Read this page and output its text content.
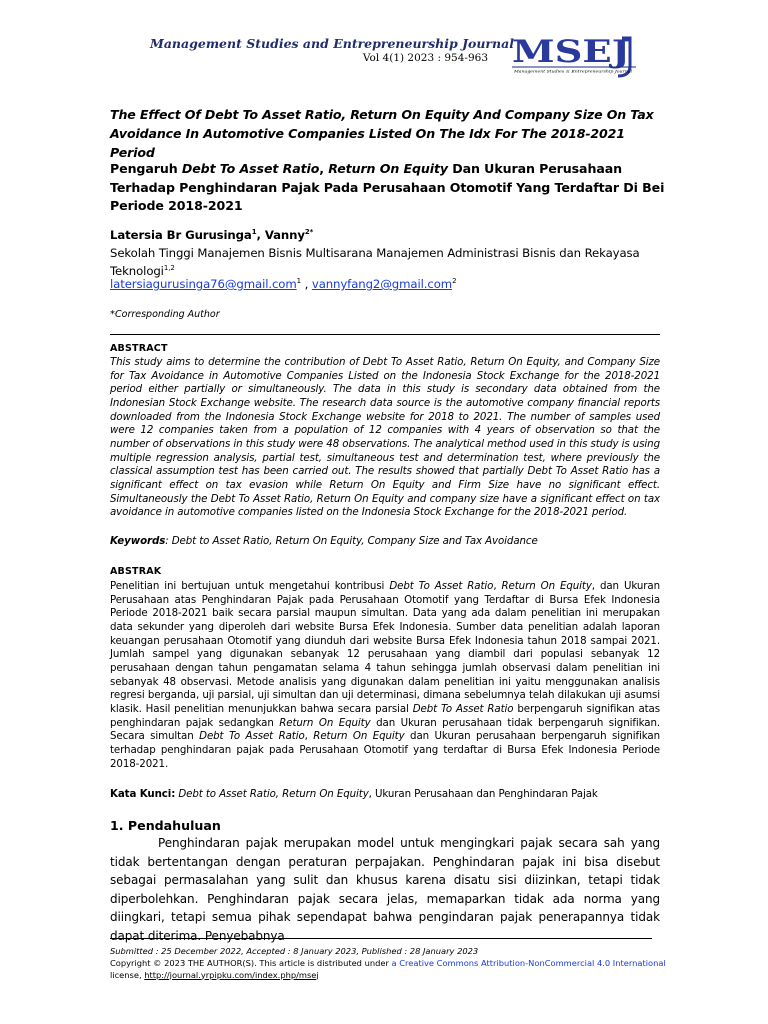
Management Studies and Entrepreneurship Journal
Vol 4(1) 2023 : 954-963 MSEJ
Management Studies & Entrepreneurship Journal
The Effect Of Debt To Asset Ratio, Return On Equity And Company Size On Tax Avoidance In Automotive Companies Listed On The Idx For The 2018-2021 Period
Pengaruh Debt To Asset Ratio, Return On Equity Dan Ukuran Perusahaan Terhadap Penghindaran Pajak Pada Perusahaan Otomotif Yang Terdaftar Di Bei Periode 2018-2021
Latersia Br Gurusinga$^1$, Vanny$^{2*}$
Sekolah Tinggi Manajemen Bisnis Multisarana Manajemen Administrasi Bisnis dan Rekayasa Teknologi$^{1,2}$
latersiagurusinga76@gmail.com$^1$ , vannyfang2@gmail.com$^2$
*Corresponding Author
ABSTRACT
This study aims to determine the contribution of Debt To Asset Ratio, Return On Equity, and Company Size for Tax Avoidance in Automotive Companies Listed on the Indonesia Stock Exchange for the 2018-2021 period either partially or simultaneously. The data in this study is secondary data obtained from the Indonesian Stock Exchange website. The research data source is the automotive company financial reports downloaded from the Indonesia Stock Exchange website for 2018 to 2021. The number of samples used were 12 companies taken from a population of 12 companies with 4 years of observation so that the number of observations in this study were 48 observations. The analytical method used in this study is using multiple regression analysis, partial test, simultaneous test and determination test, where previously the classical assumption test has been carried out. The results showed that partially Debt To Asset Ratio has a significant effect on tax evasion while Return On Equity and Firm Size have no significant effect. Simultaneously the Debt To Asset Ratio, Return On Equity and company size have a significant effect on tax avoidance in automotive companies listed on the Indonesia Stock Exchange for the 2018-2021 period.
Keywords: Debt to Asset Ratio, Return On Equity, Company Size and Tax Avoidance
ABSTRAK
Penelitian ini bertujuan untuk mengetahui kontribusi Debt To Asset Ratio, Return On Equity, dan Ukuran Perusahaan atas Penghindaran Pajak pada Perusahaan Otomotif yang Terdaftar di Bursa Efek Indonesia Periode 2018-2021 baik secara parsial maupun simultan. Data yang ada dalam penelitian ini merupakan data sekunder yang diperoleh dari website Bursa Efek Indonesia. Sumber data penelitian adalah laporan keuangan perusahaan Otomotif yang diunduh dari website Bursa Efek Indonesia tahun 2018 sampai 2021. Jumlah sampel yang digunakan sebanyak 12 perusahaan yang diambil dari populasi sebanyak 12 perusahaan dengan tahun pengamatan selama 4 tahun sehingga jumlah observasi dalam penelitian ini sebanyak 48 observasi. Metode analisis yang digunakan dalam penelitian ini yaitu menggunakan analisis regresi berganda, uji parsial, uji simultan dan uji determinasi, dimana sebelumnya telah dilakukan uji asumsi klasik. Hasil penelitian menunjukkan bahwa secara parsial Debt To Asset Ratio berpengaruh signifikan atas penghindaran pajak sedangkan Return On Equity dan Ukuran perusahaan tidak berpengaruh signifikan. Secara simultan Debt To Asset Ratio, Return On Equity dan Ukuran perusahaan berpengaruh signifikan terhadap penghindaran pajak pada Perusahaan Otomotif yang terdaftar di Bursa Efek Indonesia Periode 2018-2021.
Kata Kunci: Debt to Asset Ratio, Return On Equity, Ukuran Perusahaan dan Penghindaran Pajak
1. Pendahuluan
Penghindaran pajak merupakan model untuk mengingkari pajak secara sah yang tidak bertentangan dengan peraturan perpajakan. Penghindaran pajak ini bisa disebut sebagai permasalahan yang sulit dan khusus karena disatu sisi diizinkan, tetapi tidak diperbolehkan. Penghindaran pajak secara jelas, memaparkan tidak ada norma yang diingkari, tetapi semua pihak sependapat bahwa pengindaran pajak penerapannya tidak dapat diterima. Penyebabnya
Submitted : 25 December 2022, Accepted : 8 January 2023, Published : 28 January 2023
Copyright © 2023 THE AUTHOR(S). This article is distributed under a Creative Commons Attribution-NonCommercial 4.0 International license, http://journal.yrpipku.com/index.php/msej
